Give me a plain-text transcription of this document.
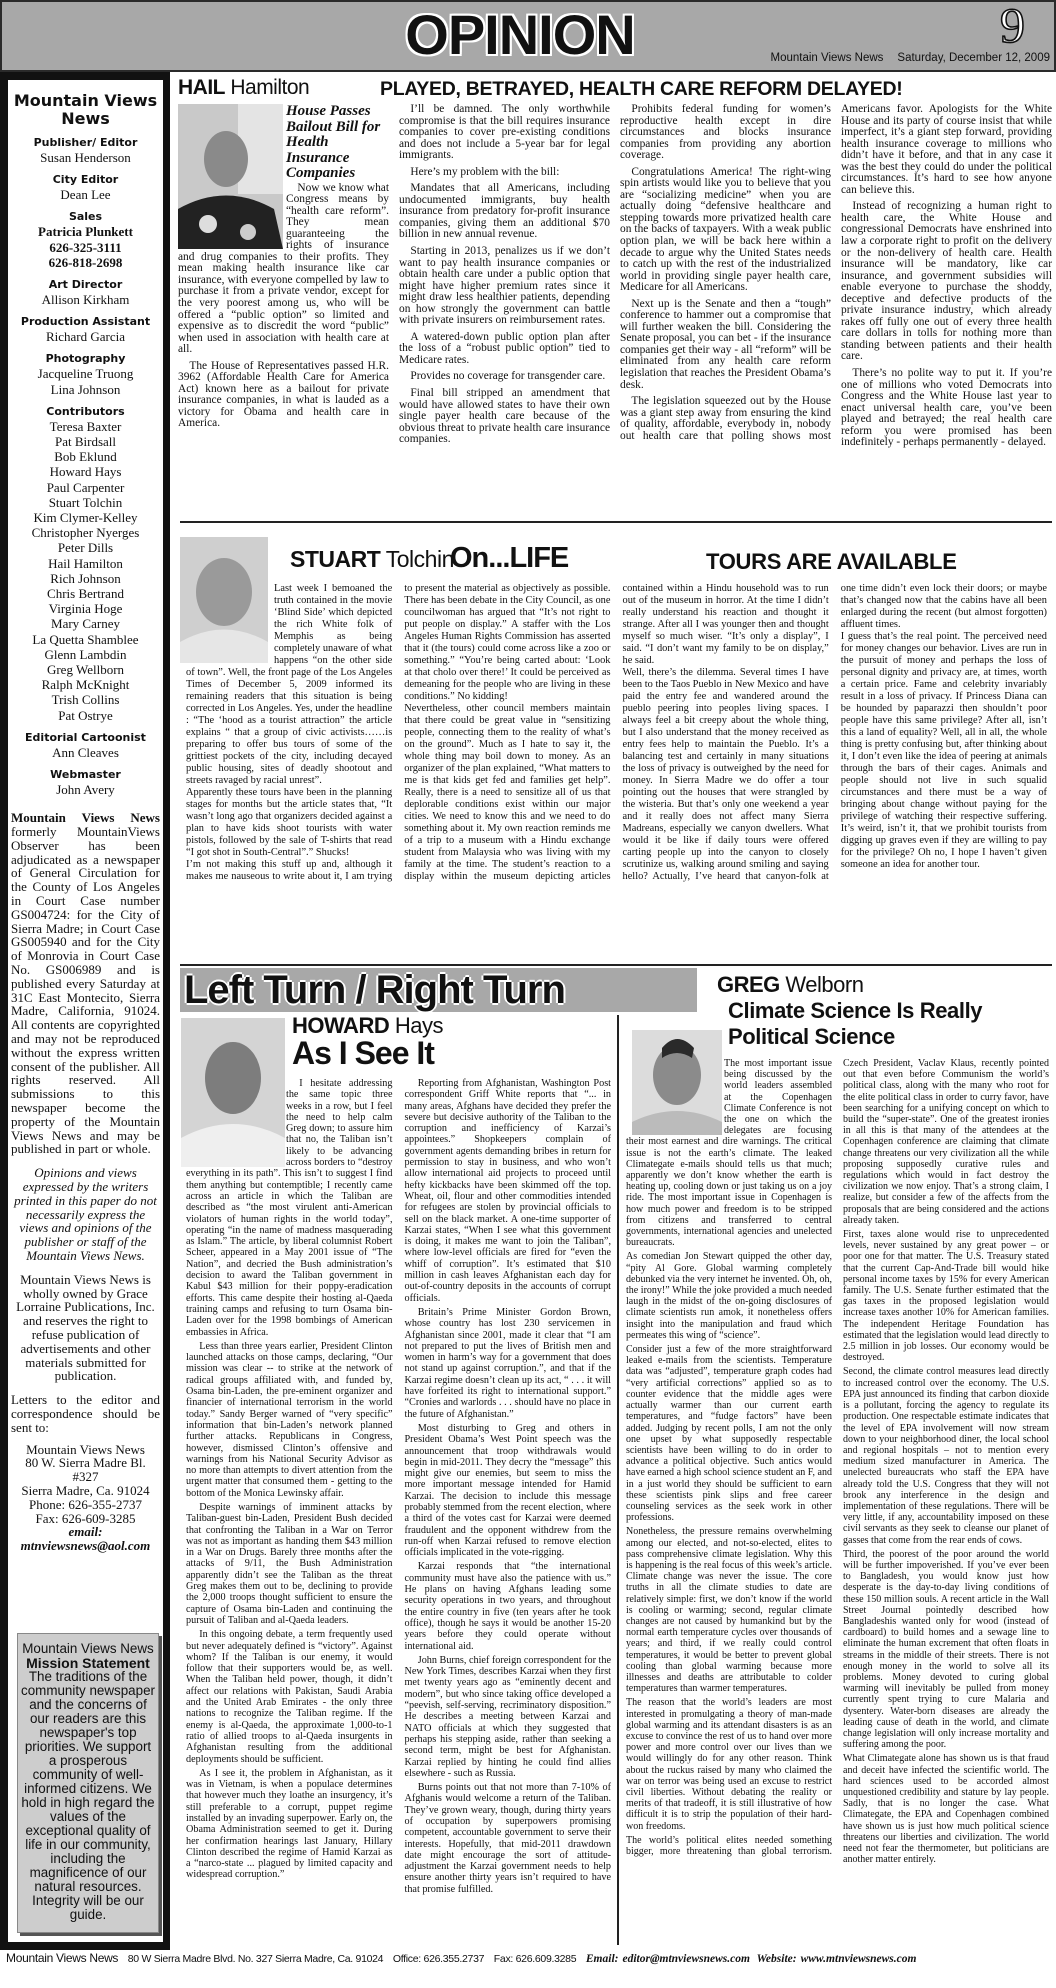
OPINION	9
Mountain Views News Saturday, December 12, 2009
Mountain Views News
Publisher/ Editor
Susan Henderson
City Editor
Dean Lee
Sales
Patricia Plunkett
626-325-3111
626-818-2698
Art Director
Allison Kirkham
Production Assistant
Richard Garcia
Photography
Jacqueline Truong
Lina Johnson
Contributors
Teresa Baxter
Pat Birdsall
Bob Eklund
Howard Hays
Paul Carpenter
Stuart Tolchin
Kim Clymer-Kelley
Christopher Nyerges
Peter Dills
Hail Hamilton
Rich Johnson
Chris Bertrand
Virginia Hoge
Mary Carney
La Quetta Shamblee
Glenn Lambdin
Greg Wellborn
Ralph McKnight
Trish Collins
Pat Ostrye
Editorial Cartoonist
Ann Cleaves
Webmaster
John Avery
Mountain Views News formerly MountainViews Observer has been adjudicated as a newspaper of General Circulation for the County of Los Angeles in Court Case number GS004724: for the City of Sierra Madre; in Court Case GS005940 and for the City of Monrovia in Court Case No. GS006989 and is published every Saturday at 31C East Montecito, Sierra Madre, California, 91024. All contents are copyrighted and may not be reproduced without the express written consent of the publisher. All rights reserved. All submissions to this newspaper become the property of the Mountain Views News and may be published in part or whole.
Opinions and views expressed by the writers printed in this paper do not necessarily express the views and opinions of the publisher or staff of the Mountain Views News.
Mountain Views News is wholly owned by Grace Lorraine Publications, Inc. and reserves the right to refuse publication of advertisements and other materials submitted for publication.
Letters to the editor and correspondence should be sent to:
Mountain Views News
80 W. Sierra Madre Bl. #327
Sierra Madre, Ca. 91024
Phone: 626-355-2737
Fax: 626-609-3285
email:
mtnviewsnews@aol.com
Mountain Views News
Mission Statement
The traditions of the community newspaper and the concerns of our readers are this newspaper's top priorities. We support a prosperous community of well-informed citizens. We hold in high regard the values of the exceptional quality of life in our community, including the magnificence of our natural resources. Integrity will be our guide.
HAIL Hamilton	PLAYED, BETRAYED, HEALTH CARE REFORM DELAYED!

House Passes Bailout Bill for Health Insurance Companies

Now we know what Congress means by “health care reform”. They mean guaranteeing the rights of insurance and drug companies to their profits. They mean making health insurance like car insurance, with everyone compelled by law to purchase it from a private vendor, except for the very poorest among us, who will be offered a “public option” so limited and expensive as to discredit the word “public” when used in association with health care at all.

The House of Representatives passed H.R. 3962 (Affordable Health Care for America Act) known here as a bailout for private insurance companies, in what is lauded as a victory for Obama and health care in America.

I’ll be damned. The only worthwhile compromise is that the bill requires insurance companies to cover pre-existing conditions and does not include a 5-year bar for legal immigrants.

Here’s my problem with the bill:

Mandates that all Americans, including undocumented immigrants, buy health insurance from predatory for-profit insurance companies, giving them an additional $70 billion in new annual revenue.

Starting in 2013, penalizes us if we don’t want to pay health insurance companies or obtain health care under a public option that might have higher premium rates since it might draw less healthier patients, depending on how strongly the government can battle with private insurers on reimbursement rates.

A watered-down public option plan after the loss of a “robust public option” tied to Medicare rates.

Provides no coverage for transgender care.

Final bill stripped an amendment that would have allowed states to have their own single payer health care because of the obvious threat to private health care insurance companies.

Prohibits federal funding for women’s reproductive health except in dire circumstances and blocks insurance companies from providing any abortion coverage.

Congratulations America! The right-wing spin artists would like you to believe that you are “socializing medicine” when you are actually doing “defensive healthcare and stepping towards more privatized health care on the backs of taxpayers. With a weak public option plan, we will be back here within a decade to argue why the United States needs to catch up with the rest of the industrialized world in providing single payer health care, Medicare for all Americans.

Next up is the Senate and then a “tough” conference to hammer out a compromise that will further weaken the bill. Considering the Senate proposal, you can bet - if the insurance companies get their way - all “reform” will be eliminated from any health care reform legislation that reaches the President Obama’s desk.

The legislation squeezed out by the House was a giant step away from ensuring the kind of quality, affordable, everybody in, nobody out health care that polling shows most Americans favor. Apologists for the White House and its party of course insist that while imperfect, it’s a giant step forward, providing health insurance coverage to millions who didn’t have it before, and that in any case it was the best they could do under the political circumstances. It’s hard to see how anyone can believe this.

Instead of recognizing a human right to health care, the White House and congressional Democrats have enshrined into law a corporate right to profit on the delivery or the non-delivery of health care. Health insurance will be mandatory, like car insurance, and government subsidies will enable everyone to purchase the shoddy, deceptive and defective products of the private insurance industry, which already rakes off fully one out of every three health care dollars in tolls for nothing more than standing between patients and their health care.

There’s no polite way to put it. If you’re one of millions who voted Democrats into Congress and the White House last year to enact universal health care, you’ve been played and betrayed; the real health care reform you were promised has been indefinitely - perhaps permanently - delayed.

STUART Tolchin
On...LIFE	TOURS ARE AVAILABLE

Last week I bemoaned the truth contained in the movie ‘Blind Side’ which depicted the rich White folk of Memphis as being completely unaware of what happens “on the other side of town”. Well, the front page of the Los Angeles Times of December 5, 2009 informed its remaining readers that this situation is being corrected in Los Angeles. Yes, under the headline : “The ‘hood as a tourist attraction” the article explains “ that a group of civic activists……is preparing to offer bus tours of some of the grittiest pockets of the city, including decayed public housing, sites of deadly shootout and streets ravaged by racial unrest”.

Apparently these tours have been in the planning stages for months but the article states that, “It wasn’t long ago that organizers decided against a plan to have kids shoot tourists with water pistols, followed by the sale of T-shirts that read “I got shot in South-Central”.” Shucks!

I’m not making this stuff up and, although it makes me nauseous to write about it, I am trying to present the material as objectively as possible. There has been debate in the City Council, as one councilwoman has argued that “It’s not right to put people on display.” A staffer with the Los Angeles Human Rights Commission has asserted that it (the tours) could come across like a zoo or something.” “You’re being carted about: ‘Look at that cholo over there!’ It could be perceived as demeaning for the people who are living in these conditions.” No kidding!

Nevertheless, other council members maintain that there could be great value in “sensitizing people, connecting them to the reality of what’s on the ground”. Much as I hate to say it, the whole thing may boil down to money. As an organizer of the plan explained, “What matters to me is that kids get fed and families get help”. Really, there is a need to sensitize all of us that deplorable conditions exist within our major cities. We need to know this and we need to do something about it. My own reaction reminds me of a trip to a museum with a Hindu exchange student from Malaysia who was living with my family at the time. The student’s reaction to a display within the museum depicting articles contained within a Hindu household was to run out of the museum in horror. At the time I didn’t really understand his reaction and thought it strange. After all I was younger then and thought myself so much wiser. “It’s only a display”, I said. “I don’t want my family to be on display,” he said.

Well, there’s the dilemma. Several times I have been to the Taos Pueblo in New Mexico and have paid the entry fee and wandered around the pueblo peering into peoples living spaces. I always feel a bit creepy about the whole thing, but I also understand that the money received as entry fees help to maintain the Pueblo. It’s a balancing test and certainly in many situations the loss of privacy is outweighed by the need for money. In Sierra Madre we do offer a tour pointing out the houses that were strangled by the wisteria. But that’s only one weekend a year and it really does not affect many Sierra Madreans, especially we canyon dwellers. What would it be like if daily tours were offered carting people up into the canyon to closely scrutinize us, walking around smiling and saying hello? Actually, I’ve heard that canyon-folk at one time didn’t even lock their doors; or maybe that’s changed now that the cabins have all been enlarged during the recent (but almost forgotten) affluent times.

I guess that’s the real point. The perceived need for money changes our behavior. Lives are run in the pursuit of money and perhaps the loss of personal dignity and privacy are, at times, worth a certain price. Fame and celebrity invariably result in a loss of privacy. If Princess Diana can be hounded by paparazzi then shouldn’t poor people have this same privilege? After all, isn’t this a land of equality? Well, all in all, the whole thing is pretty confusing but, after thinking about it, I don’t even like the idea of peering at animals through the bars of their cages. Animals and people should not live in such squalid circumstances and there must be a way of bringing about change without paying for the privilege of watching their respective suffering. It’s weird, isn’t it, that we prohibit tourists from digging up graves even if they are willing to pay for the privilege? Oh no, I hope I haven’t given someone an idea for another tour.

Left Turn / Right Turn
HOWARD Hays
As I See It

I hesitate addressing the same topic three weeks in a row, but I feel the need to help calm Greg down; to assure him that no, the Taliban isn’t likely to be advancing across borders to “destroy everything in its path”. This isn’t to suggest I find them anything but contemptible; I recently came across an article in which the Taliban are described as “the most virulent anti-American violators of human rights in the world today”, operating “in the name of madness masquerading as Islam.” The article, by liberal columnist Robert Scheer, appeared in a May 2001 issue of “The Nation”, and decried the Bush administration’s decision to award the Taliban government in Kabul $43 million for their poppy-eradication efforts. This came despite their hosting al-Qaeda training camps and refusing to turn Osama bin-Laden over for the 1998 bombings of American embassies in Africa.

Less than three years earlier, President Clinton launched attacks on those camps, declaring, “Our mission was clear -- to strike at the network of radical groups affiliated with, and funded by, Osama bin-Laden, the pre-eminent organizer and financier of international terrorism in the world today.” Sandy Berger warned of “very specific” information that bin-Laden’s network planned further attacks. Republicans in Congress, however, dismissed Clinton’s offensive and warnings from his National Security Advisor as no more than attempts to divert attention from the urgent matter that consumed them - getting to the bottom of the Monica Lewinsky affair.

Despite warnings of imminent attacks by Taliban-guest bin-Laden, President Bush decided that confronting the Taliban in a War on Terror was not as important as handing them $43 million in a War on Drugs. Barely three months after the attacks of 9/11, the Bush Administration apparently didn’t see the Taliban as the threat Greg makes them out to be, declining to provide the 2,000 troops thought sufficient to ensure the capture of Osama bin-Laden and continuing the pursuit of Taliban and al-Qaeda leaders.

In this ongoing debate, a term frequently used but never adequately defined is “victory”. Against whom? If the Taliban is our enemy, it would follow that their supporters would be, as well. When the Taliban held power, though, it didn’t affect our relations with Pakistan, Saudi Arabia and the United Arab Emirates - the only three nations to recognize the Taliban regime. If the enemy is al-Qaeda, the approximate 1,000-to-1 ratio of allied troops to al-Qaeda insurgents in Afghanistan resulting from the additional deployments should be sufficient.

As I see it, the problem in Afghanistan, as it was in Vietnam, is when a populace determines that however much they loathe an insurgency, it’s still preferable to a corrupt, puppet regime installed by an invading superpower. Early on, the Obama Administration seemed to get it. During her confirmation hearings last January, Hillary Clinton described the regime of Hamid Karzai as a “narco-state ... plagued by limited capacity and widespread corruption.”

Reporting from Afghanistan, Washington Post correspondent Griff White reports that “... in many areas, Afghans have decided they prefer the severe but decisive authority of the Taliban to the corruption and inefficiency of Karzai’s appointees.” Shopkeepers complain of government agents demanding bribes in return for permission to stay in business, and who won’t allow international aid projects to proceed until hefty kickbacks have been skimmed off the top. Wheat, oil, flour and other commodities intended for refugees are stolen by provincial officials to sell on the black market. A one-time supporter of Karzai states, “When I see what this government is doing, it makes me want to join the Taliban”, where low-level officials are fired for “even the whiff of corruption”. It’s estimated that $10 million in cash leaves Afghanistan each day for out-of-country deposits in the accounts of corrupt officials.

Britain’s Prime Minister Gordon Brown, whose country has lost 230 servicemen in Afghanistan since 2001, made it clear that “I am not prepared to put the lives of British men and women in harm’s way for a government that does not stand up against corruption.”, and that if the Karzai regime doesn’t clean up its act, “ . . . it will have forfeited its right to international support.” “Cronies and warlords . . . should have no place in the future of Afghanistan.”

Most disturbing to Greg and others in President Obama’s West Point speech was the announcement that troop withdrawals would begin in mid-2011. They decry the “message” this might give our enemies, but seem to miss the more important message intended for Hamid Karzai. The decision to include this message probably stemmed from the recent election, where a third of the votes cast for Karzai were deemed fraudulent and the opponent withdrew from the run-off when Karzai refused to remove election officials implicated in the vote-rigging.

Karzai responds that “the international community must have also the patience with us.” He plans on having Afghans leading some security operations in two years, and throughout the entire country in five (ten years after he took office), though he says it would be another 15-20 years before they could operate without international aid.

John Burns, chief foreign correspondent for the New York Times, describes Karzai when they first met twenty years ago as “eminently decent and modern”, but who since taking office developed a “peevish, self-serving, recriminatory disposition.” He describes a meeting between Karzai and NATO officials at which they suggested that perhaps his stepping aside, rather than seeking a second term, might be best for Afghanistan. Karzai replied by hinting he could find allies elsewhere - such as Russia.

Burns points out that not more than 7-10% of Afghanis would welcome a return of the Taliban. They’ve grown weary, though, during thirty years of occupation by superpowers promising competent, accountable government to serve their interests. Hopefully, that mid-2011 drawdown date might encourage the sort of attitude-adjustment the Karzai government needs to help ensure another thirty years isn’t required to have that promise fulfilled.

GREG Welborn
Climate Science Is Really
Political Science

The most important issue being discussed by the world leaders assembled at the Copenhagen Climate Conference is not the one on which the delegates are focusing their most earnest and dire warnings. The critical issue is not the earth’s climate. The leaked Climategate e-mails should tells us that much; apparently we don’t know whether the earth is heating up, cooling down or just taking us on a joy ride. The most important issue in Copenhagen is how much power and freedom is to be stripped from citizens and transferred to central governments, international agencies and unelected bureaucrats.

As comedian Jon Stewart quipped the other day, “pity Al Gore. Global warming completely debunked via the very internet he invented. Oh, oh, the irony!” While the joke provided a much needed laugh in the midst of the on-going disclosures of climate scientists run amok, it nonetheless offers insight into the manipulation and fraud which permeates this wing of “science”.

Consider just a few of the more straightforward leaked e-mails from the scientists. Temperature data was “adjusted”, temperature graph codes had “very artificial corrections” applied so as to counter evidence that the middle ages were actually warmer than our current earth temperatures, and “fudge factors” have been added. Judging by recent polls, I am not the only one upset by what supposedly respectable scientists have been willing to do in order to advance a political objective. Such antics would have earned a high school science student an F, and in a just world they should be sufficient to earn these scientists pink slips and free career counseling services as the seek work in other professions.

Nonetheless, the pressure remains overwhelming among our elected, and not-so-elected, elites to pass comprehensive climate legislation. Why this is happening is the real focus of this week’s article. Climate change was never the issue. The core truths in all the climate studies to date are relatively simple: first, we don’t know if the world is cooling or warming; second, regular climate changes are not caused by humankind but by the normal earth temperature cycles over thousands of years; and third, if we really could control temperatures, it would be better to prevent global cooling than global warming because more illnesses and deaths are attributable to colder temperatures than warmer temperatures.

The reason that the world’s leaders are most interested in promulgating a theory of man-made global warming and its attendant disasters is as an excuse to convince the rest of us to hand over more power and more control over our lives than we would willingly do for any other reason. Think about the ruckus raised by many who claimed the war on terror was being used an excuse to restrict civil liberties. Without debating the reality or merits of that tradeoff, it is still illustrative of how difficult it is to strip the population of their hard-won freedoms.

The world’s political elites needed something bigger, more threatening than global terrorism. Czech President, Vaclav Klaus, recently pointed out that even before Communism the world’s political class, along with the many who root for the elite political class in order to curry favor, have been searching for a unifying concept on which to build the “super-state”. One of the greatest ironies in all this is that many of the attendees at the Copenhagen conference are claiming that climate change threatens our very civilization all the while proposing supposedly curative rules and regulations which would in fact destroy the civilization we now enjoy. That’s a strong claim, I realize, but consider a few of the affects from the proposals that are being considered and the actions already taken.

First, taxes alone would rise to unprecedented levels, never sustained by any great power – or poor one for that matter. The U.S. Treasury stated that the current Cap-And-Trade bill would hike personal income taxes by 15% for every American family. The U.S. Senate further estimated that the gas taxes in the proposed legislation would increase taxes another 10% for American families. The independent Heritage Foundation has estimated that the legislation would lead directly to 2.5 million in job losses. Our economy would be destroyed.

Second, the climate control measures lead directly to increased control over the economy. The U.S. EPA just announced its finding that carbon dioxide is a pollutant, forcing the agency to regulate its production. One respectable estimate indicates that the level of EPA involvement will now stream down to your neighborhood diner, the local school and regional hospitals – not to mention every medium sized manufacturer in America. The unelected bureaucrats who staff the EPA have already told the U.S. Congress that they will not brook any interference in the design and implementation of these regulations. There will be very little, if any, accountability imposed on these civil servants as they seek to cleanse our planet of gasses that come from the rear ends of cows.

Third, the poorest of the poor around the world will be further impoverished. If you’ve ever been to Bangladesh, you would know just how desperate is the day-to-day living conditions of these 150 million souls. A recent article in the Wall Street Journal pointedly described how Bangladeshis wanted only for wood (instead of cardboard) to build homes and a sewage line to eliminate the human excrement that often floats in streams in the middle of their streets. There is not enough money in the world to solve all its problems. Money devoted to curing global warming will inevitably be pulled from money currently spent trying to cure Malaria and dysentery. Water-born diseases are already the leading cause of death in the world, and climate change legislation will only increase mortality and suffering among the poor.

What Climategate alone has shown us is that fraud and deceit have infected the scientific world. The hard sciences used to be accorded almost unquestioned credibility and stature by lay people. Sadly, that is no longer the case. What Climategate, the EPA and Copenhagen combined have shown us is just how much political science threatens our liberties and civilization. The world need not fear the thermometer, but politicians are another matter entirely.

Mountain Views News 80 W Sierra Madre Blvd. No. 327 Sierra Madre, Ca. 91024 Office: 626.355.2737 Fax: 626.609.3285 Email: editor@mtnviewsnews.com Website: www.mtnviewsnews.com
